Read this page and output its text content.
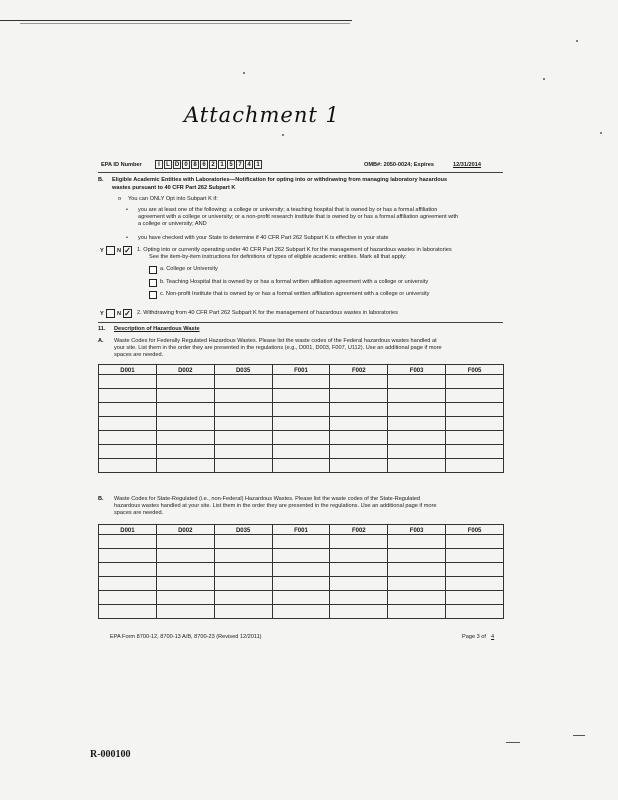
Attachment 1
EPA ID Number	I	L D 0 8 6 2 1 5 7 4 1	OMB#: 2050-0024; Expires	12/31/2014
B. Eligible Academic Entities with Laboratories—Notification for opting into or withdrawing from managing laboratory hazardous
wastes pursuant to 40 CFR Part 262 Subpart K
o You can ONLY Opt into Subpart K if:
• you are at least one of the following: a college or university; a teaching hospital that is owned by or has a formal affiliation
agreement with a college or university; or a non-profit research institute that is owned by or has a formal affiliation agreement with
a college or university; AND
• you have checked with your State to determine if 40 CFR Part 262 Subpart K is effective in your state
Y N ✓ 1. Opting into or currently operating under 40 CFR Part 262 Subpart K for the management of hazardous wastes in laboratories
See the item-by-item instructions for definitions of types of eligible academic entities. Mark all that apply:
a. College or University
b. Teaching Hospital that is owned by or has a formal written affiliation agreement with a college or university
c. Non-profit Institute that is owned by or has a formal written affiliation agreement with a college or university
Y N ✓ 2. Withdrawing from 40 CFR Part 262 Subpart K for the management of hazardous wastes in laboratories
11. Description of Hazardous Waste
A. Waste Codes for Federally Regulated Hazardous Wastes. Please list the waste codes of the Federal hazardous wastes handled at
your site. List them in the order they are presented in the regulations (e.g., D001, D003, F007, U112). Use an additional page if more
spaces are needed.
D001	D002	D035	F001	F002	F003	F005

B. Waste Codes for State-Regulated (i.e., non-Federal) Hazardous Wastes. Please list the waste codes of the State-Regulated
hazardous wastes handled at your site. List them in the order they are presented in the regulations. Use an additional page if more
spaces are needed.
D001	D002	D035	F001	F002	F003	F005

EPA Form 8700-12, 8700-13 A/B, 8700-23 (Revised 12/2011)	Page 3 of 4
R-000100
